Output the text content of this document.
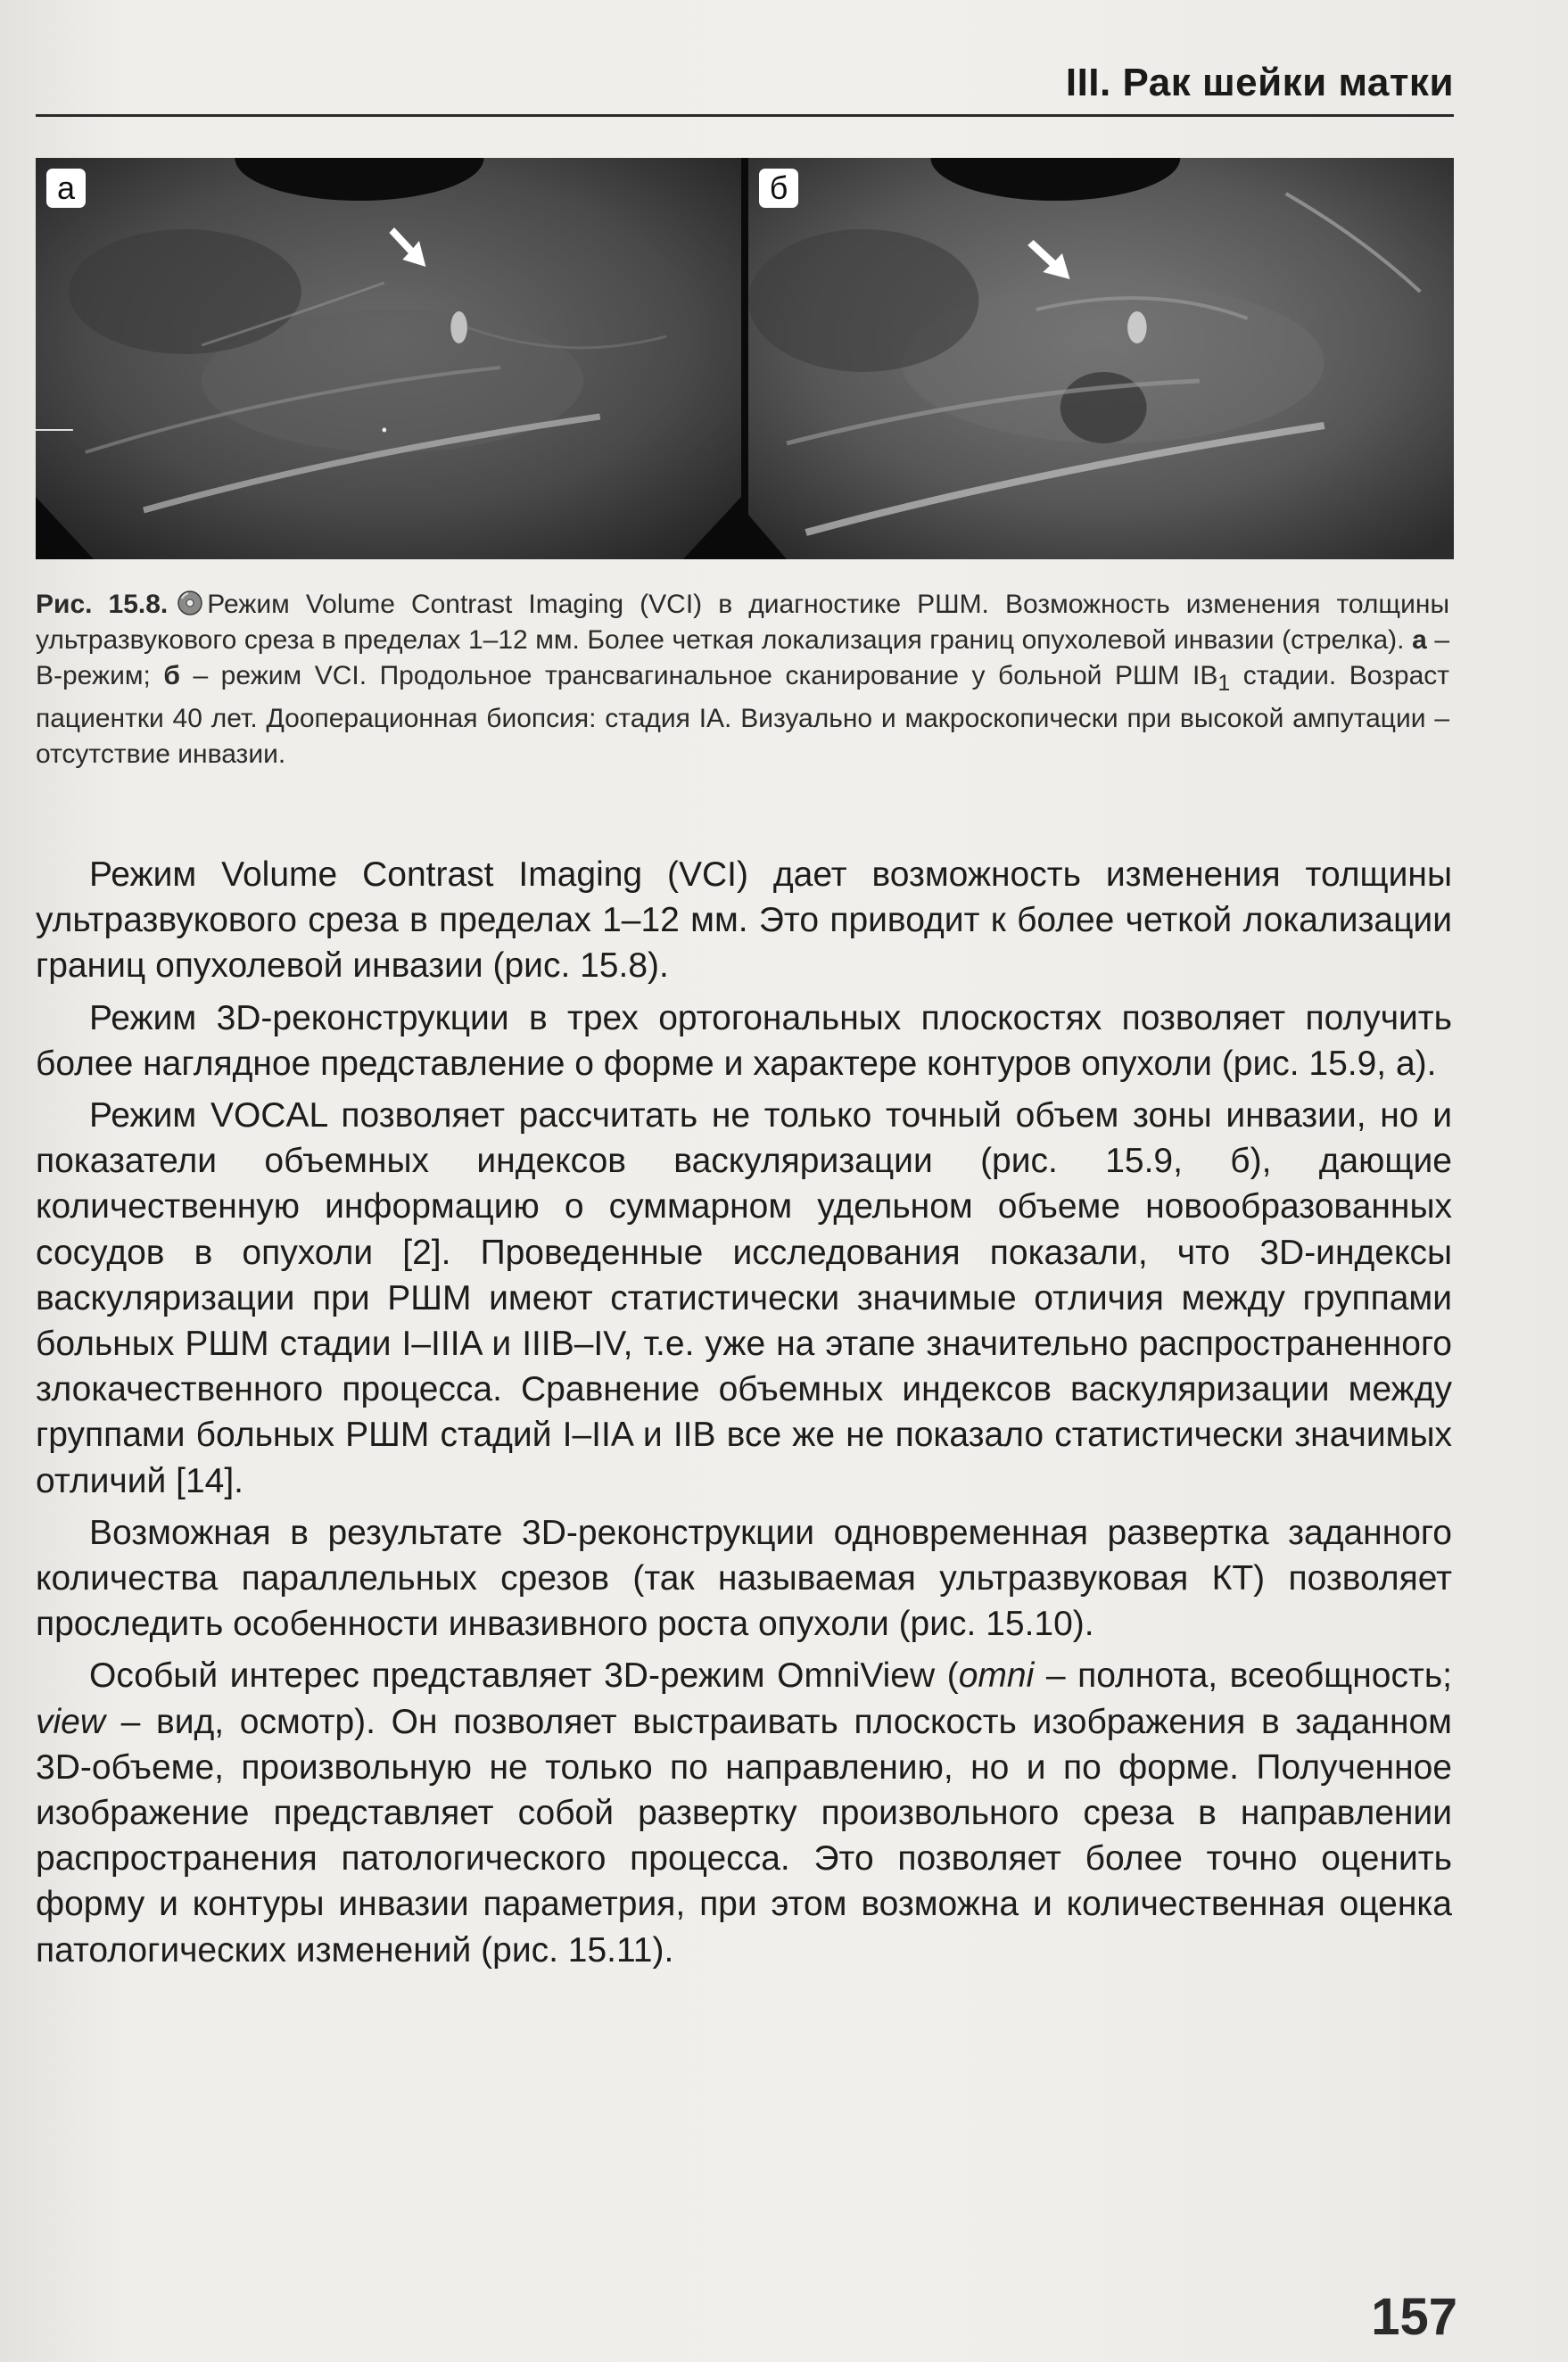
III. Рак шейки матки
а	б
Рис. 15.8. Режим Volume Contrast Imaging (VCI) в диагностике РШМ. Возможность изменения толщины ультразвукового среза в пределах 1–12 мм. Более четкая локализация границ опухолевой инвазии (стрелка). а – В-режим; б – режим VCI. Продольное трансвагинальное сканирование у больной РШМ $IB_1$ стадии. Возраст пациентки 40 лет. Дооперационная биопсия: стадия IA. Визуально и макроскопически при высокой ампутации – отсутствие инвазии.

Режим Volume Contrast Imaging (VCI) дает возможность изменения толщины ультразвукового среза в пределах 1–12 мм. Это приводит к более четкой локализации границ опухолевой инвазии (рис. 15.8).

Режим 3D-реконструкции в трех ортогональных плоскостях позволяет получить более наглядное представление о форме и характере контуров опухоли (рис. 15.9, а).

Режим VOCAL позволяет рассчитать не только точный объем зоны инвазии, но и показатели объемных индексов васкуляризации (рис. 15.9, б), дающие количественную информацию о суммарном удельном объеме новообразованных сосудов в опухоли [2]. Проведенные исследования показали, что 3D-индексы васкуляризации при РШМ имеют статистически значимые отличия между группами больных РШМ стадии I–IIIA и IIIB–IV, т.е. уже на этапе значительно распространенного злокачественного процесса. Сравнение объемных индексов васкуляризации между группами больных РШМ стадий I–IIA и IIB все же не показало статистически значимых отличий [14].

Возможная в результате 3D-реконструкции одновременная развертка заданного количества параллельных срезов (так называемая ультразвуковая КТ) позволяет проследить особенности инвазивного роста опухоли (рис. 15.10).

Особый интерес представляет 3D-режим OmniView (omni – полнота, всеобщность; view – вид, осмотр). Он позволяет выстраивать плоскость изображения в заданном 3D-объеме, произвольную не только по направлению, но и по форме. Полученное изображение представляет собой развертку произвольного среза в направлении распространения патологического процесса. Это позволяет более точно оценить форму и контуры инвазии параметрия, при этом возможна и количественная оценка патологических изменений (рис. 15.11).

157
